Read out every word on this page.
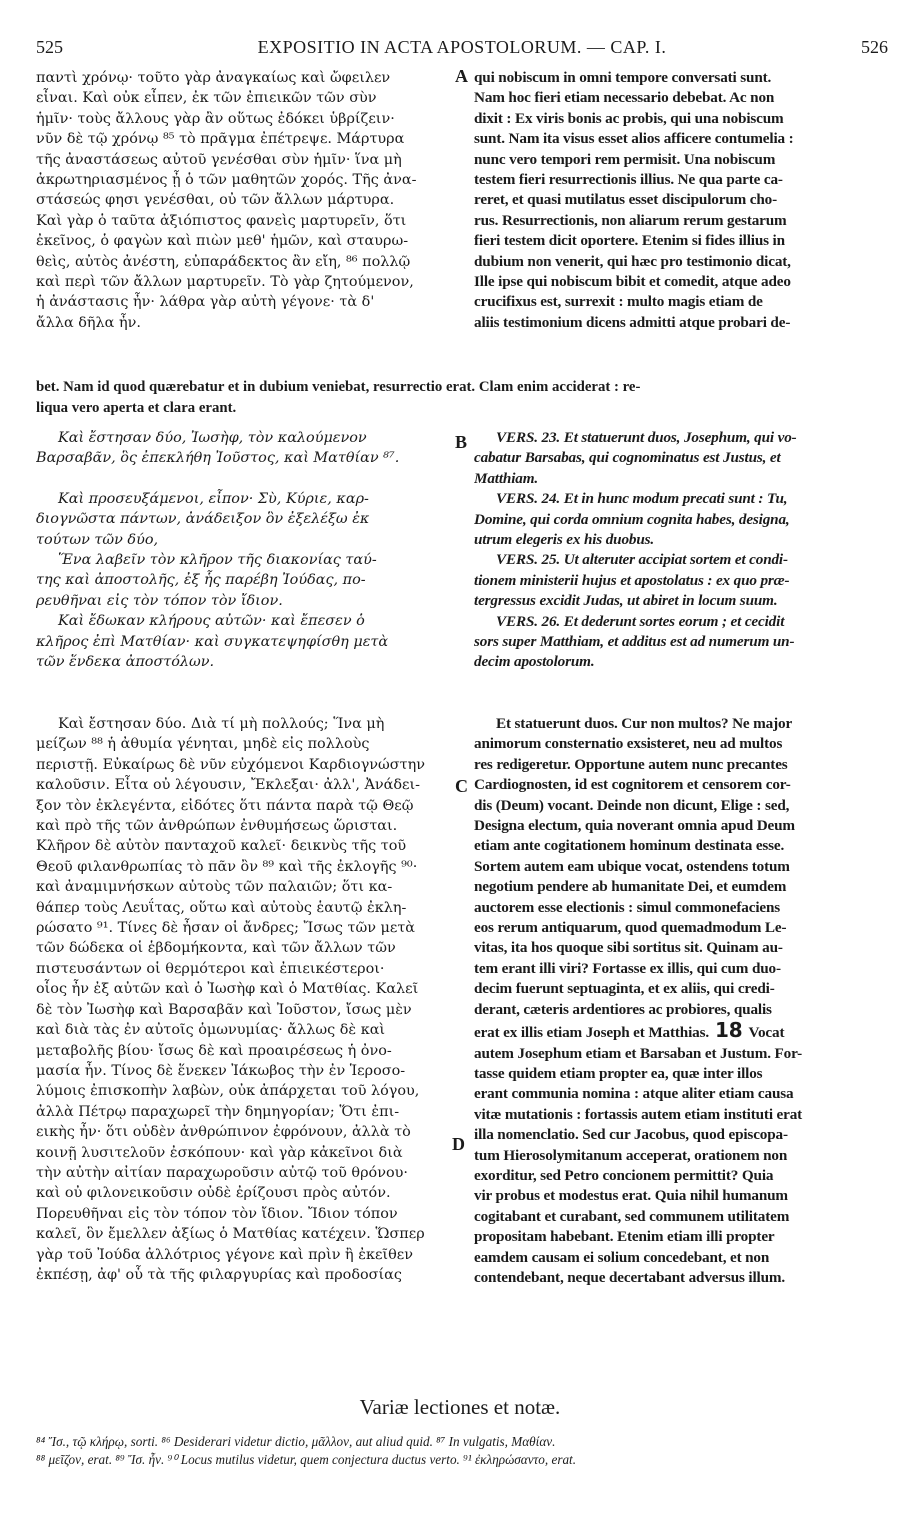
525	EXPOSITIO IN ACTA APOSTOLORUM. — CAP. I.	526
παντὶ χρόνῳ· τοῦτο γὰρ ἀναγκαίως καὶ ὤφειλεν
εἶναι. Καὶ οὐκ εἶπεν, ἐκ τῶν ἐπιεικῶν τῶν σὺν
ἡμῖν· τοὺς ἄλλους γὰρ ἂν οὕτως ἐδόκει ὑβρίζειν·
νῦν δὲ τῷ χρόνῳ ⁸⁵ τὸ πρᾶγμα ἐπέτρεψε. Μάρτυρα
τῆς ἀναστάσεως αὐτοῦ γενέσθαι σὺν ἡμῖν· ἵνα μὴ
ἀκρωτηριασμένος ᾖ ὁ τῶν μαθητῶν χορός. Τῆς ἀνα-
στάσεώς φησι γενέσθαι, οὐ τῶν ἄλλων μάρτυρα.
Καὶ γὰρ ὁ ταῦτα ἀξιόπιστος φανεὶς μαρτυρεῖν, ὅτι
ἐκεῖνος, ὁ φαγὼν καὶ πιὼν μεθ' ἡμῶν, καὶ σταυρω-
θεὶς, αὐτὸς ἀνέστη, εὐπαράδεκτος ἂν εἴη, ⁸⁶ πολλῷ
καὶ περὶ τῶν ἄλλων μαρτυρεῖν. Τὸ γὰρ ζητούμενον,
ἡ ἀνάστασις ἦν· λάθρα γὰρ αὐτὴ γέγονε· τὰ δ'
ἄλλα δῆλα ἦν.
qui nobiscum in omni tempore conversati sunt.
Nam hoc fieri etiam necessario debebat. Ac non
dixit : Ex viris bonis ac probis, qui una nobiscum
sunt. Nam ita visus esset alios afficere contumelia :
nunc vero tempori rem permisit. Una nobiscum
testem fieri resurrectionis illius. Ne qua parte ca-
reret, et quasi mutilatus esset discipulorum cho-
rus. Resurrectionis, non aliarum rerum gestarum
fieri testem dicit oportere. Etenim si fides illius in
dubium non venerit, qui hæc pro testimonio dicat,
Ille ipse qui nobiscum bibit et comedit, atque adeo
crucifixus est, surrexit : multo magis etiam de
aliis testimonium dicens admitti atque probari de-
A
bet. Nam id quod quærebatur et in dubium veniebat, resurrectio erat. Clam enim acciderat : re-
liqua vero aperta et clara erant.
B
Καὶ ἔστησαν δύο, Ἰωσὴφ, τὸν καλούμενον
Βαρσαβᾶν, ὃς ἐπεκλήθη Ἰοῦστος, καὶ Ματθίαν ⁸⁷.
Καὶ προσευξάμενοι, εἶπον· Σὺ, Κύριε, καρ-
διογνῶστα πάντων, ἀνάδειξον ὃν ἐξελέξω ἐκ
τούτων τῶν δύο,
Ἕνα λαβεῖν τὸν κλῆρον τῆς διακονίας ταύ-
της καὶ ἀποστολῆς, ἐξ ἧς παρέβη Ἰούδας, πο-
ρευθῆναι εἰς τὸν τόπον τὸν ἴδιον.
Καὶ ἔδωκαν κλήρους αὐτῶν· καὶ ἔπεσεν ὁ
κλῆρος ἐπὶ Ματθίαν· καὶ συγκατεψηφίσθη μετὰ
τῶν ἕνδεκα ἀποστόλων.
VERS. 23. Et statuerunt duos, Josephum, qui vo-
cabatur Barsabas, qui cognominatus est Justus, et
Matthiam.
VERS. 24. Et in hunc modum precati sunt : Tu,
Domine, qui corda omnium cognita habes, designa,
utrum elegeris ex his duobus.
VERS. 25. Ut alteruter accipiat sortem et condi-
tionem ministerii hujus et apostolatus : ex quo præ-
tergressus excidit Judas, ut abiret in locum suum.
VERS. 26. Et dederunt sortes eorum ; et cecidit
sors super Matthiam, et additus est ad numerum un-
decim apostolorum.
Καὶ ἔστησαν δύο. Διὰ τί μὴ πολλούς; Ἵνα μὴ
μείζων ⁸⁸ ἡ ἀθυμία γένηται, μηδὲ εἰς πολλοὺς
περιστῇ. Εὐκαίρως δὲ νῦν εὐχόμενοι Καρδιογνώστην
καλοῦσιν. Εἶτα οὐ λέγουσιν, Ἔκλεξαι· ἀλλ', Ἀνάδει-
ξον τὸν ἐκλεγέντα, εἰδότες ὅτι πάντα παρὰ τῷ Θεῷ
καὶ πρὸ τῆς τῶν ἀνθρώπων ἐνθυμήσεως ὥρισται.
Κλῆρον δὲ αὐτὸν πανταχοῦ καλεῖ· δεικνὺς τῆς τοῦ
Θεοῦ φιλανθρωπίας τὸ πᾶν ὂν ⁸⁹ καὶ τῆς ἐκλογῆς ⁹⁰·
καὶ ἀναμιμνήσκων αὐτοὺς τῶν παλαιῶν; ὅτι κα-
θάπερ τοὺς Λευΐτας, οὕτω καὶ αὐτοὺς ἑαυτῷ ἐκλη-
ρώσατο ⁹¹. Τίνες δὲ ἦσαν οἱ ἄνδρες; Ἴσως τῶν μετὰ
τῶν δώδεκα οἱ ἑβδομήκοντα, καὶ τῶν ἄλλων τῶν
πιστευσάντων οἱ θερμότεροι καὶ ἐπιεικέστεροι·
οἷος ἦν ἐξ αὐτῶν καὶ ὁ Ἰωσὴφ καὶ ὁ Ματθίας. Καλεῖ
δὲ τὸν Ἰωσὴφ καὶ Βαρσαβᾶν καὶ Ἰοῦστον, ἴσως μὲν
καὶ διὰ τὰς ἐν αὐτοῖς ὁμωνυμίας· ἄλλως δὲ καὶ
μεταβολῆς βίου· ἴσως δὲ καὶ προαιρέσεως ἡ ὀνο-
μασία ἦν. Τίνος δὲ ἕνεκεν Ἰάκωβος τὴν ἐν Ἱεροσο-
λύμοις ἐπισκοπὴν λαβὼν, οὐκ ἀπάρχεται τοῦ λόγου,
ἀλλὰ Πέτρῳ παραχωρεῖ τὴν δημηγορίαν; Ὅτι ἐπι-
εικὴς ἦν· ὅτι οὐδὲν ἀνθρώπινον ἐφρόνουν, ἀλλὰ τὸ
κοινῇ λυσιτελοῦν ἐσκόπουν· καὶ γὰρ κἀκεῖνοι διὰ
τὴν αὐτὴν αἰτίαν παραχωροῦσιν αὐτῷ τοῦ θρόνου·
καὶ οὐ φιλονεικοῦσιν οὐδὲ ἐρίζουσι πρὸς αὐτόν.
Πορευθῆναι εἰς τὸν τόπον τὸν ἴδιον. Ἴδιον τόπον
καλεῖ, ὃν ἔμελλεν ἀξίως ὁ Ματθίας κατέχειν. Ὥσπερ
γὰρ τοῦ Ἰούδα ἀλλότριος γέγονε καὶ πρὶν ἢ ἐκεῖθεν
ἐκπέσῃ, ἀφ' οὗ τὰ τῆς φιλαργυρίας καὶ προδοσίας
Et statuerunt duos. Cur non multos? Ne major
animorum consternatio exsisteret, neu ad multos
res redigeretur. Opportune autem nunc precantes
Cardiognosten, id est cognitorem et censorem cor-
dis (Deum) vocant. Deinde non dicunt, Elige : sed,
Designa electum, quia noverant omnia apud Deum
etiam ante cogitationem hominum destinata esse.
Sortem autem eam ubique vocat, ostendens totum
negotium pendere ab humanitate Dei, et eumdem
auctorem esse electionis : simul commonefaciens
eos rerum antiquarum, quod quemadmodum Le-
vitas, ita hos quoque sibi sortitus sit. Quinam au-
tem erant illi viri? Fortasse ex illis, qui cum duo-
decim fuerunt septuaginta, et ex aliis, qui credi-
derant, cæteris ardentiores ac probiores, qualis
erat ex illis etiam Joseph et Matthias. 18 Vocat
autem Josephum etiam et Barsaban et Justum. For-
tasse quidem etiam propter ea, quæ inter illos
erant communia nomina : atque aliter etiam causa
vitæ mutationis : fortassis autem etiam instituti erat
illa nomenclatio. Sed cur Jacobus, quod episcopa-
tum Hierosolymitanum acceperat, orationem non
exorditur, sed Petro concionem permittit? Quia
vir probus et modestus erat. Quia nihil humanum
cogitabant et curabant, sed communem utilitatem
propositam habebant. Etenim etiam illi propter
eamdem causam ei solium concedebant, et non
contendebant, neque decertabant adversus illum.
C
D
Variæ lectiones et notæ.
⁸⁴ Ἴσ., τῷ κλήρῳ, sorti. ⁸⁶ Desiderari videtur dictio, μᾶλλον, aut aliud quid. ⁸⁷ In vulgatis, Μαθίαν.
⁸⁸ μεῖζον, erat. ⁸⁹ Ἴσ. ἦν. ⁹⁰ Locus mutilus videtur, quem conjectura ductus verto. ⁹¹ ἐκληρώσαντο, erat.
